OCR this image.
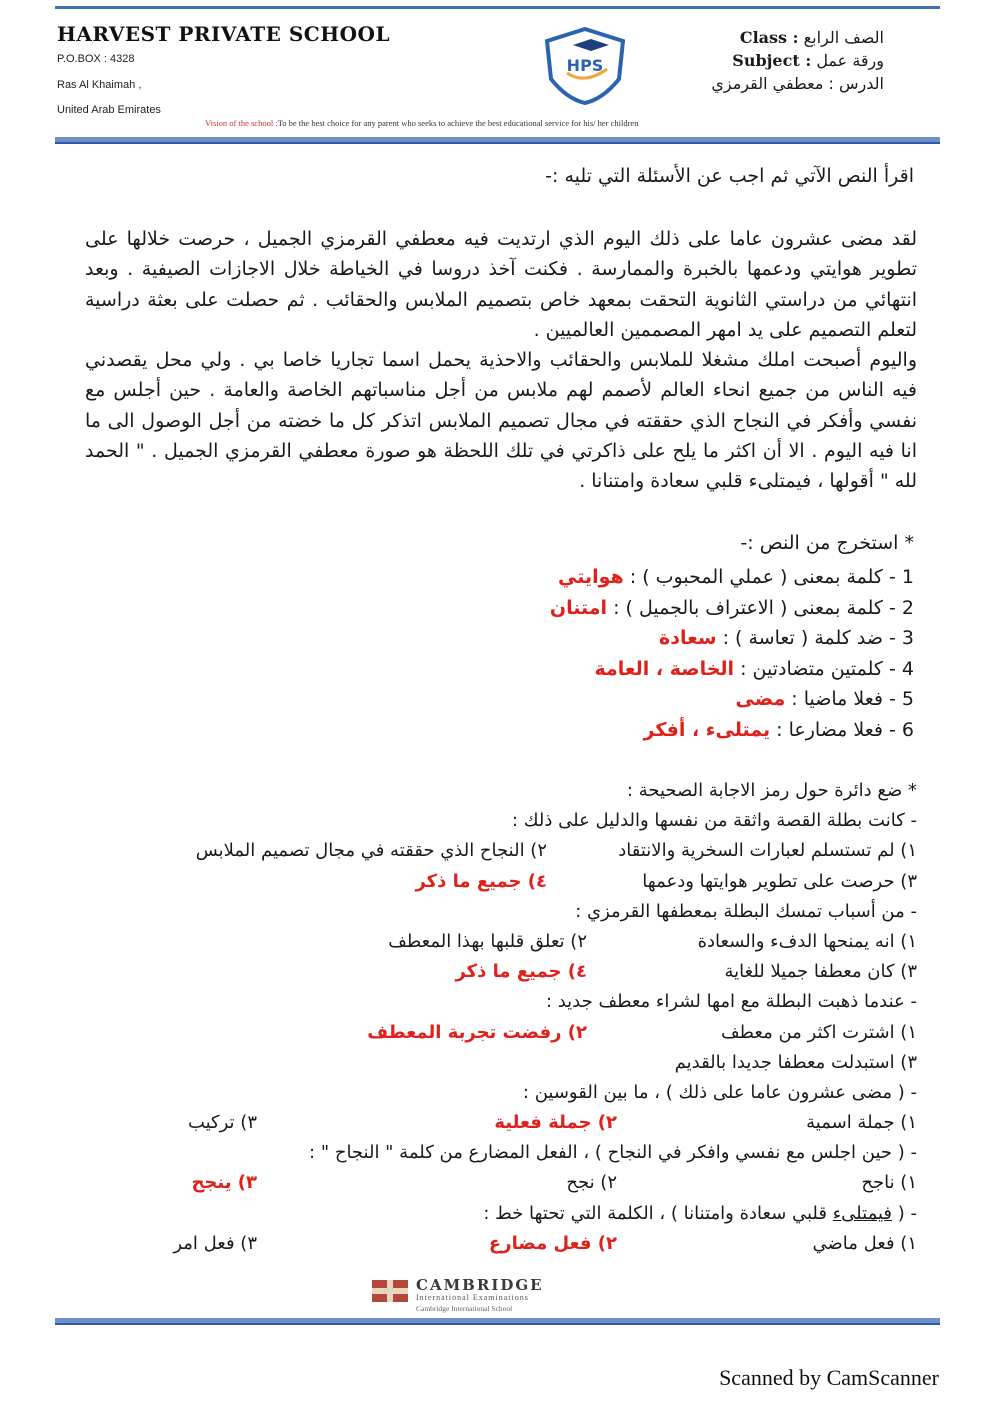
HARVEST PRIVATE SCHOOL
P.O.BOX : 4328
Ras Al Khaimah ,
United Arab Emirates
HPS
Class : الصف الرابع
Subject : ورقة عمل
الدرس : معطفي القرمزي
Vision of the school :To be the best choice for any parent who seeks to achieve the best educational service for his/ her children
اقرأ النص الآتي ثم اجب عن الأسئلة التي تليه :-

لقد مضى عشرون عاما على ذلك اليوم الذي ارتديت فيه معطفي القرمزي الجميل ، حرصت خلالها على تطوير هوايتي ودعمها بالخبرة والممارسة . فكنت آخذ دروسا في الخياطة خلال الاجازات الصيفية . وبعد انتهائي من دراستي الثانوية التحقت بمعهد خاص بتصميم الملابس والحقائب . ثم حصلت على بعثة دراسية لتعلم التصميم على يد امهر المصممين العالميين .

واليوم أصبحت املك مشغلا للملابس والحقائب والاحذية يحمل اسما تجاريا خاصا بي . ولي محل يقصدني فيه الناس من جميع انحاء العالم لأصمم لهم ملابس من أجل مناسباتهم الخاصة والعامة . حين أجلس مع نفسي وأفكر في النجاح الذي حققته في مجال تصميم الملابس اتذكر كل ما خضته من أجل الوصول الى ما انا فيه اليوم . الا أن اكثر ما يلح على ذاكرتي في تلك اللحظة هو صورة معطفي القرمزي الجميل . " الحمد لله " أقولها ، فيمتلىء قلبي سعادة وامتنانا .

* استخرج من النص :-
1 - كلمة بمعنى ( عملي المحبوب ) : هوايتي
2 - كلمة بمعنى ( الاعتراف بالجميل ) : امتنان
3 - ضد كلمة ( تعاسة ) : سعادة
4 - كلمتين متضادتين : الخاصة ، العامة
5 - فعلا ماضيا : مضى
6 - فعلا مضارعا : يمتلىء ، أفكر
* ضع دائرة حول رمز الاجابة الصحيحة :
- كانت بطلة القصة واثقة من نفسها والدليل على ذلك :
١) لم تستسلم لعبارات السخرية والانتقاد
٢) النجاح الذي حققته في مجال تصميم الملابس
٣) حرصت على تطوير هوايتها ودعمها
٤) جميع ما ذكر
- من أسباب تمسك البطلة بمعطفها القرمزي :
١) انه يمنحها الدفء والسعادة
٢) تعلق قلبها بهذا المعطف
٣) كان معطفا جميلا للغاية
٤) جميع ما ذكر
- عندما ذهبت البطلة مع امها لشراء معطف جديد :
١) اشترت اكثر من معطف
٢) رفضت تجربة المعطف
٣) استبدلت معطفا جديدا بالقديم
- ( مضى عشرون عاما على ذلك ) ، ما بين القوسين :
١) جملة اسمية
٢) جملة فعلية
٣) تركيب
- ( حين اجلس مع نفسي وافكر في النجاح ) ، الفعل المضارع من كلمة " النجاح " :
١) ناجح
٢) نجح
٣) ينجح
- ( فيمتلىء قلبي سعادة وامتنانا ) ، الكلمة التي تحتها خط :
١) فعل ماضي
٢) فعل مضارع
٣) فعل امر
CAMBRIDGE
International Examinations
Cambridge International School
Scanned by CamScanner
